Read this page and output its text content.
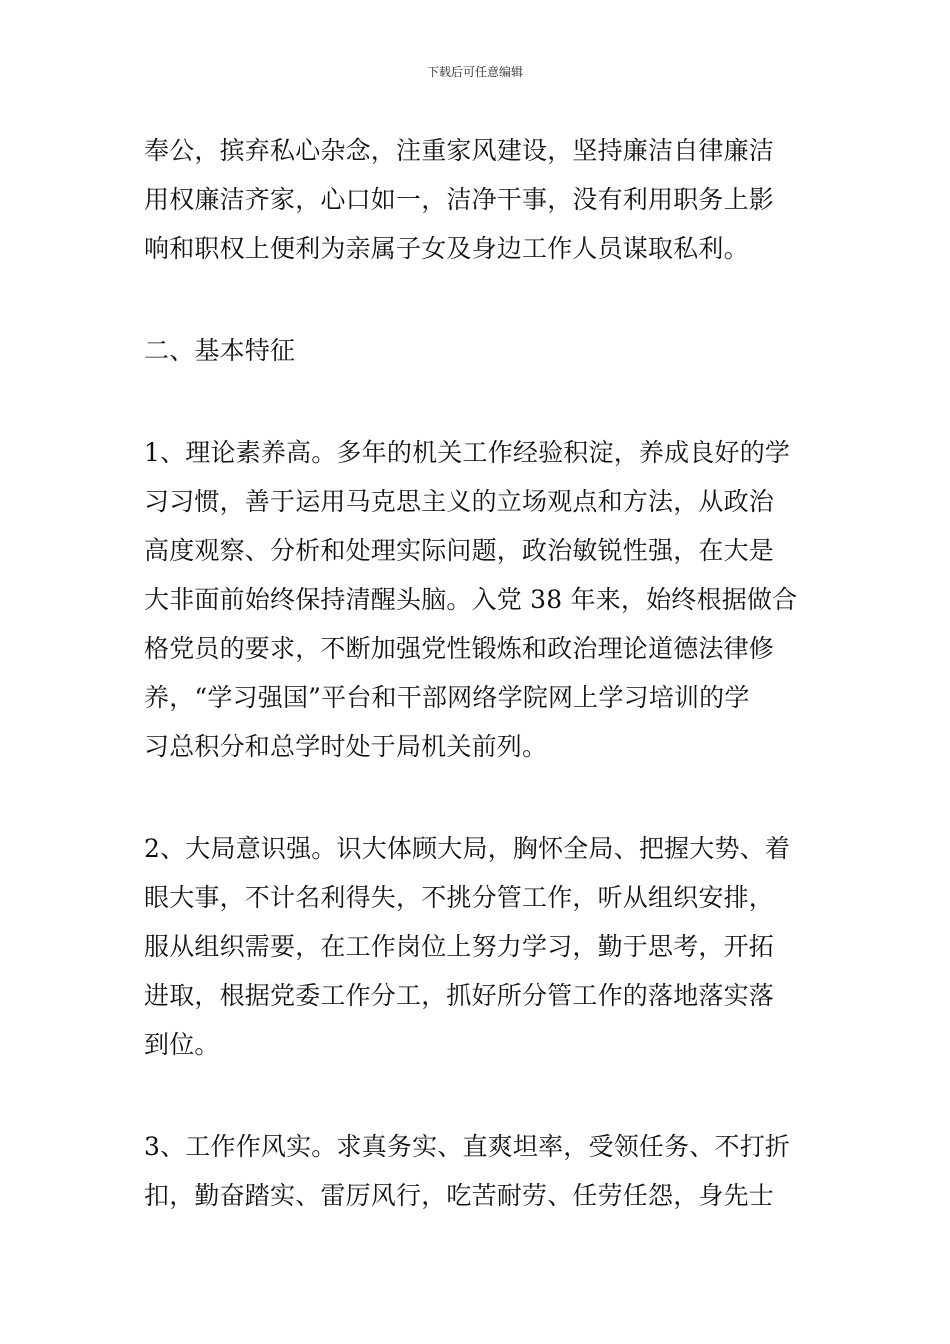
下载后可任意编辑
奉公，摈弃私心杂念，注重家风建设，坚持廉洁自律廉洁
用权廉洁齐家，心口如一，洁净干事，没有利用职务上影
响和职权上便利为亲属子女及身边工作人员谋取私利。
二、基本特征
1、理论素养高。多年的机关工作经验积淀，养成良好的学
习习惯，善于运用马克思主义的立场观点和方法，从政治
高度观察、分析和处理实际问题，政治敏锐性强，在大是
大非面前始终保持清醒头脑。入党 38 年来，始终根据做合
格党员的要求，不断加强党性锻炼和政治理论道德法律修
养，“学习强国”平台和干部网络学院网上学习培训的学
习总积分和总学时处于局机关前列。
2、大局意识强。识大体顾大局，胸怀全局、把握大势、着
眼大事，不计名利得失，不挑分管工作，听从组织安排，
服从组织需要，在工作岗位上努力学习，勤于思考，开拓
进取，根据党委工作分工，抓好所分管工作的落地落实落
到位。
3、工作作风实。求真务实、直爽坦率，受领任务、不打折
扣，勤奋踏实、雷厉风行，吃苦耐劳、任劳任怨，身先士
